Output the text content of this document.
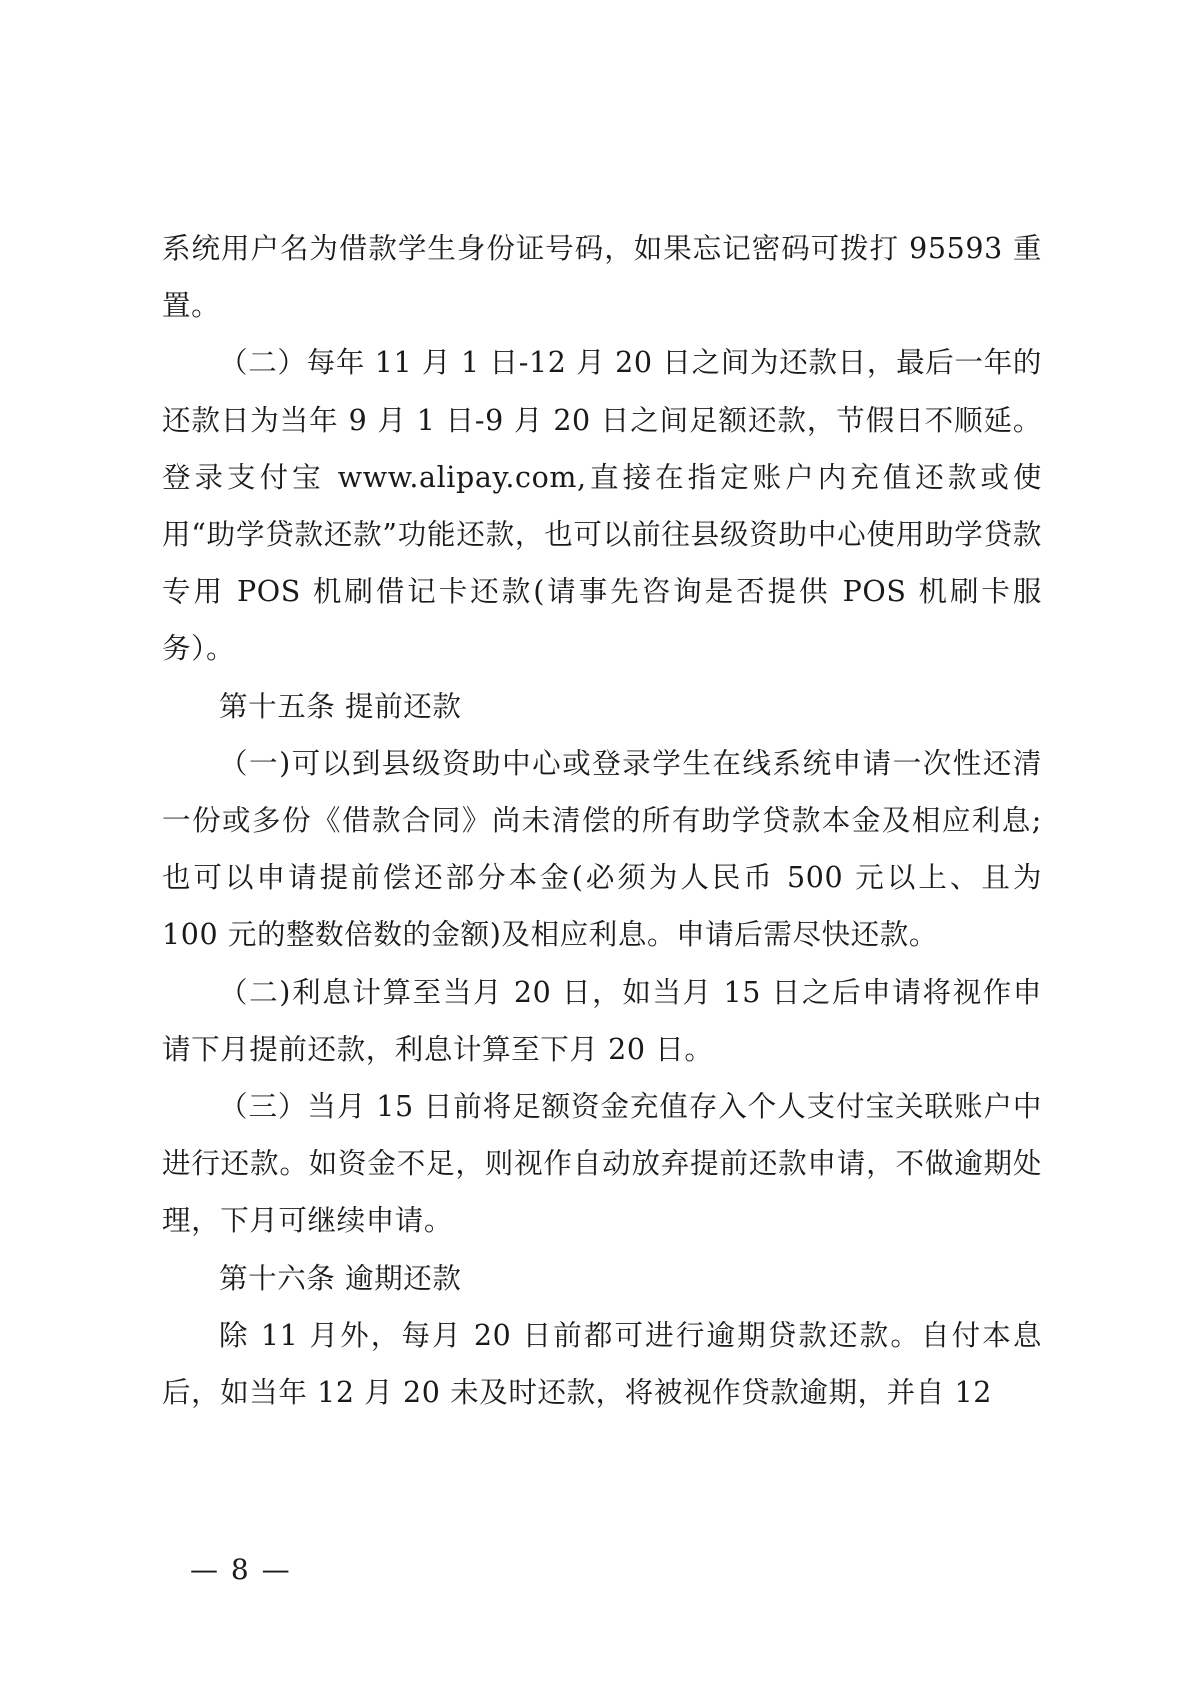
系统用户名为借款学生身份证号码，如果忘记密码可拨打 95593 重置。

（二）每年 11 月 1 日-12 月 20 日之间为还款日，最后一年的还款日为当年 9 月 1 日-9 月 20 日之间足额还款，节假日不顺延。登录支付宝 www.alipay.com,直接在指定账户内充值还款或使用“助学贷款还款”功能还款，也可以前往县级资助中心使用助学贷款专用 POS 机刷借记卡还款(请事先咨询是否提供 POS 机刷卡服务）。

第十五条 提前还款

（一)可以到县级资助中心或登录学生在线系统申请一次性还清一份或多份《借款合同》尚未清偿的所有助学贷款本金及相应利息;也可以申请提前偿还部分本金(必须为人民币 500 元以上、且为 100 元的整数倍数的金额)及相应利息。申请后需尽快还款。

（二)利息计算至当月 20 日，如当月 15 日之后申请将视作申请下月提前还款，利息计算至下月 20 日。

（三）当月 15 日前将足额资金充值存入个人支付宝关联账户中进行还款。如资金不足，则视作自动放弃提前还款申请，不做逾期处理，下月可继续申请。

第十六条 逾期还款

除 11 月外，每月 20 日前都可进行逾期贷款还款。自付本息后，如当年 12 月 20 未及时还款，将被视作贷款逾期，并自 12

— 8 —
